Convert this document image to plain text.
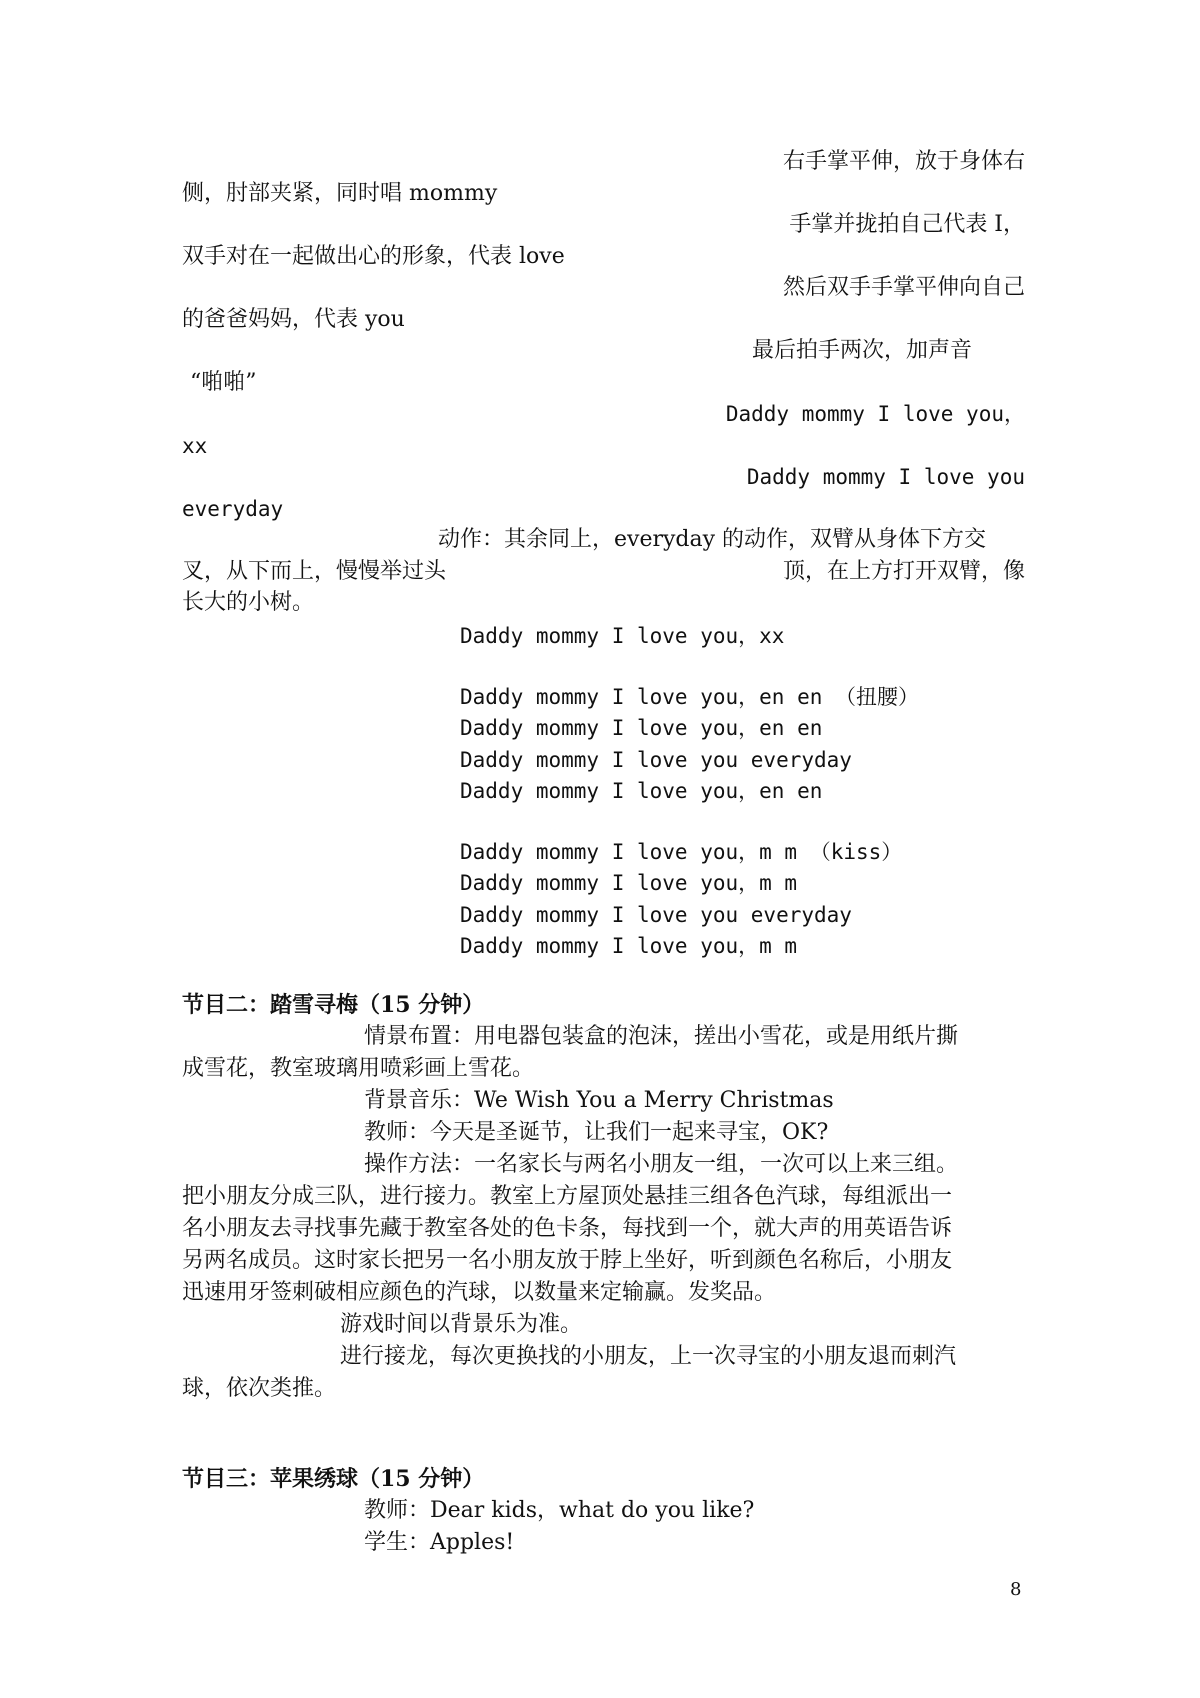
右手掌平伸，放于身体右
侧，肘部夹紧，同时唱 mommy
手掌并拢拍自己代表 I，
双手对在一起做出心的形象，代表 love
然后双手手掌平伸向自己
的爸爸妈妈，代表 you
最后拍手两次，加声音
“啪啪”
Daddy mommy I love you，
xx
Daddy mommy I love you
everyday
动作：其余同上，everyday 的动作，双臂从身体下方交
叉，从下而上，慢慢举过头	顶，在上方打开双臂，像
长大的小树。
Daddy mommy I love you，xx
Daddy mommy I love you，en en （扭腰）
Daddy mommy I love you，en en
Daddy mommy I love you everyday
Daddy mommy I love you，en en
Daddy mommy I love you，m m （kiss）
Daddy mommy I love you，m m
Daddy mommy I love you everyday
Daddy mommy I love you，m m
节目二：踏雪寻梅（15 分钟）
情景布置：用电器包装盒的泡沫，搓出小雪花，或是用纸片撕
成雪花，教室玻璃用喷彩画上雪花。
背景音乐：We Wish You a Merry Christmas
教师：今天是圣诞节，让我们一起来寻宝，OK?
操作方法：一名家长与两名小朋友一组，一次可以上来三组。
把小朋友分成三队，进行接力。教室上方屋顶处悬挂三组各色汽球，每组派出一
名小朋友去寻找事先藏于教室各处的色卡条，每找到一个，就大声的用英语告诉
另两名成员。这时家长把另一名小朋友放于脖上坐好，听到颜色名称后，小朋友
迅速用牙签刺破相应颜色的汽球，以数量来定输赢。发奖品。
游戏时间以背景乐为准。
进行接龙，每次更换找的小朋友，上一次寻宝的小朋友退而刺汽
球，依次类推。
节目三：苹果绣球（15 分钟）
教师：Dear kids，what do you like?
学生：Apples!
8
